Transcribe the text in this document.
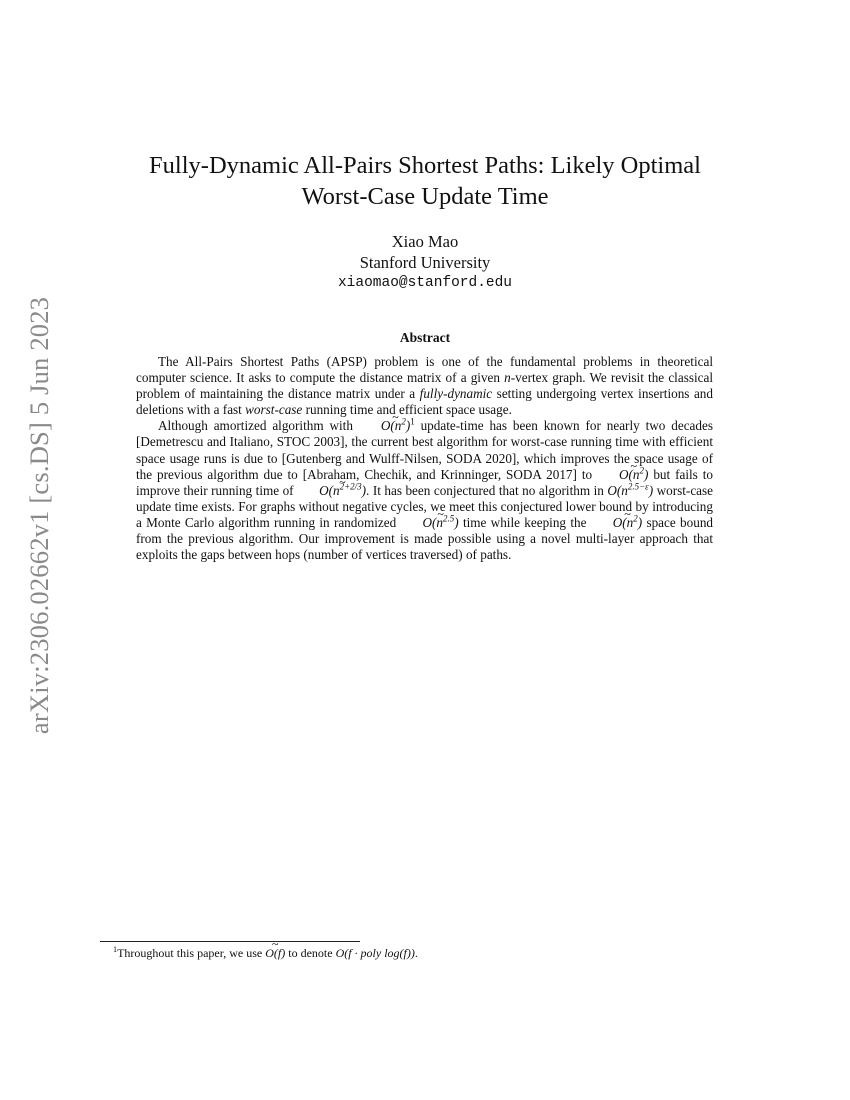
arXiv:2306.02662v1 [cs.DS] 5 Jun 2023
Fully-Dynamic All-Pairs Shortest Paths: Likely Optimal
Worst-Case Update Time
Xiao Mao
Stanford University
xiaomao@stanford.edu
Abstract

The All-Pairs Shortest Paths (APSP) problem is one of the fundamental problems in theoretical computer science. It asks to compute the distance matrix of a given n-vertex graph. We revisit the classical problem of maintaining the distance matrix under a fully-dynamic setting undergoing vertex insertions and deletions with a fast worst-case running time and efficient space usage.

Although amortized algorithm with ~ $O(n^2)^1$ update-time has been known for nearly two decades [Demetrescu and Italiano, STOC 2003], the current best algorithm for worst-case running time with efficient space usage runs is due to [Gutenberg and Wulff-Nilsen, SODA 2020], which improves the space usage of the previous algorithm due to [Abraham, Chechik, and Krinninger, SODA 2017] to ~ $O(n^2)$ but fails to improve their running time of ~ $O(n^{2+2/3})$. It has been conjectured that no algorithm in $O(n^{2.5-\varepsilon})$ worst-case update time exists. For graphs without negative cycles, we meet this conjectured lower bound by introducing a Monte Carlo algorithm running in randomized ~ $O(n^{2.5})$ time while keeping the ~ $O(n^2)$ space bound from the previous algorithm. Our improvement is made possible using a novel multi-layer approach that exploits the gaps between hops (number of vertices traversed) of paths.

$^1$Throughout this paper, we use ~ O(f) to denote O(f · poly log(f)).
